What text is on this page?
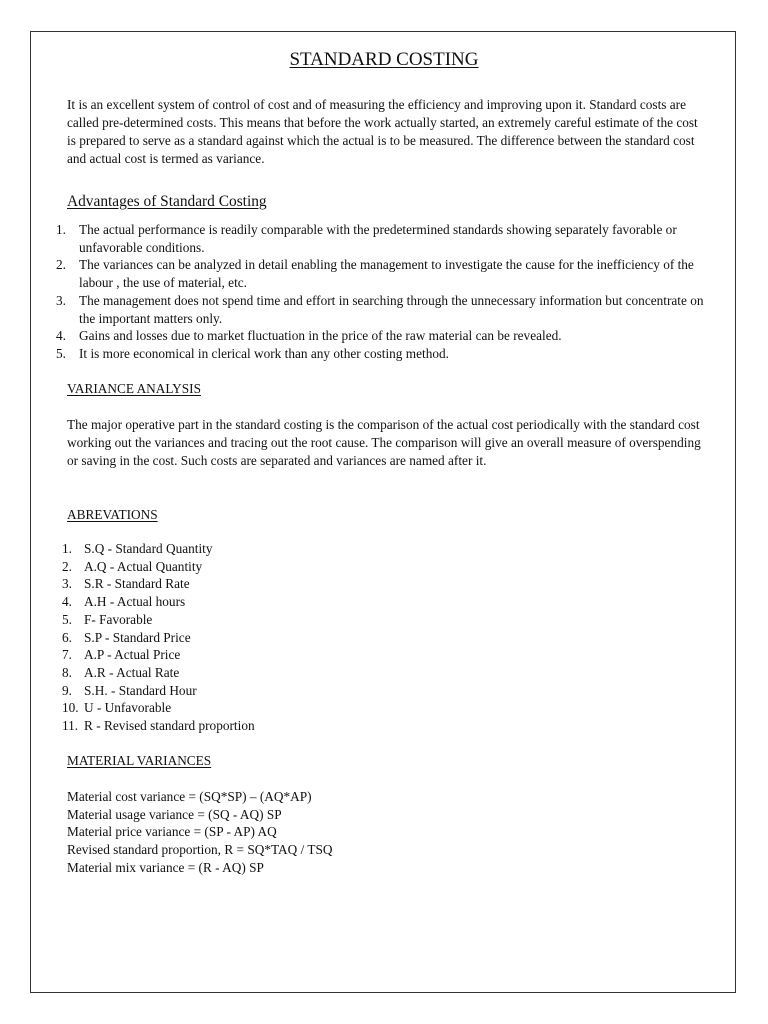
STANDARD COSTING

It is an excellent system of control of cost and of measuring the efficiency and improving upon it. Standard costs are called pre-determined costs. This means that before the work actually started, an extremely careful estimate of the cost is prepared to serve as a standard against which the actual is to be measured. The difference between the standard cost and actual cost is termed as variance.

Advantages of Standard Costing
1. The actual performance is readily comparable with the predetermined standards showing separately favorable or unfavorable conditions.
2. The variances can be analyzed in detail enabling the management to investigate the cause for the inefficiency of the labour , the use of material, etc.
3. The management does not spend time and effort in searching through the unnecessary information but concentrate on the important matters only.
4. Gains and losses due to market fluctuation in the price of the raw material can be revealed.
5. It is more economical in clerical work than any other costing method.
VARIANCE ANALYSIS

The major operative part in the standard costing is the comparison of the actual cost periodically with the standard cost working out the variances and tracing out the root cause. The comparison will give an overall measure of overspending or saving in the cost. Such costs are separated and variances are named after it.

ABREVATIONS
1. S.Q - Standard Quantity
2. A.Q - Actual Quantity
3. S.R - Standard Rate
4. A.H - Actual hours
5. F- Favorable
6. S.P - Standard Price
7. A.P - Actual Price
8. A.R - Actual Rate
9. S.H. - Standard Hour
10. U - Unfavorable
11. R - Revised standard proportion
MATERIAL VARIANCES
Material cost variance = (SQ*SP) – (AQ*AP)
Material usage variance = (SQ - AQ) SP
Material price variance = (SP - AP) AQ
Revised standard proportion, R = SQ*TAQ / TSQ
Material mix variance = (R - AQ) SP
